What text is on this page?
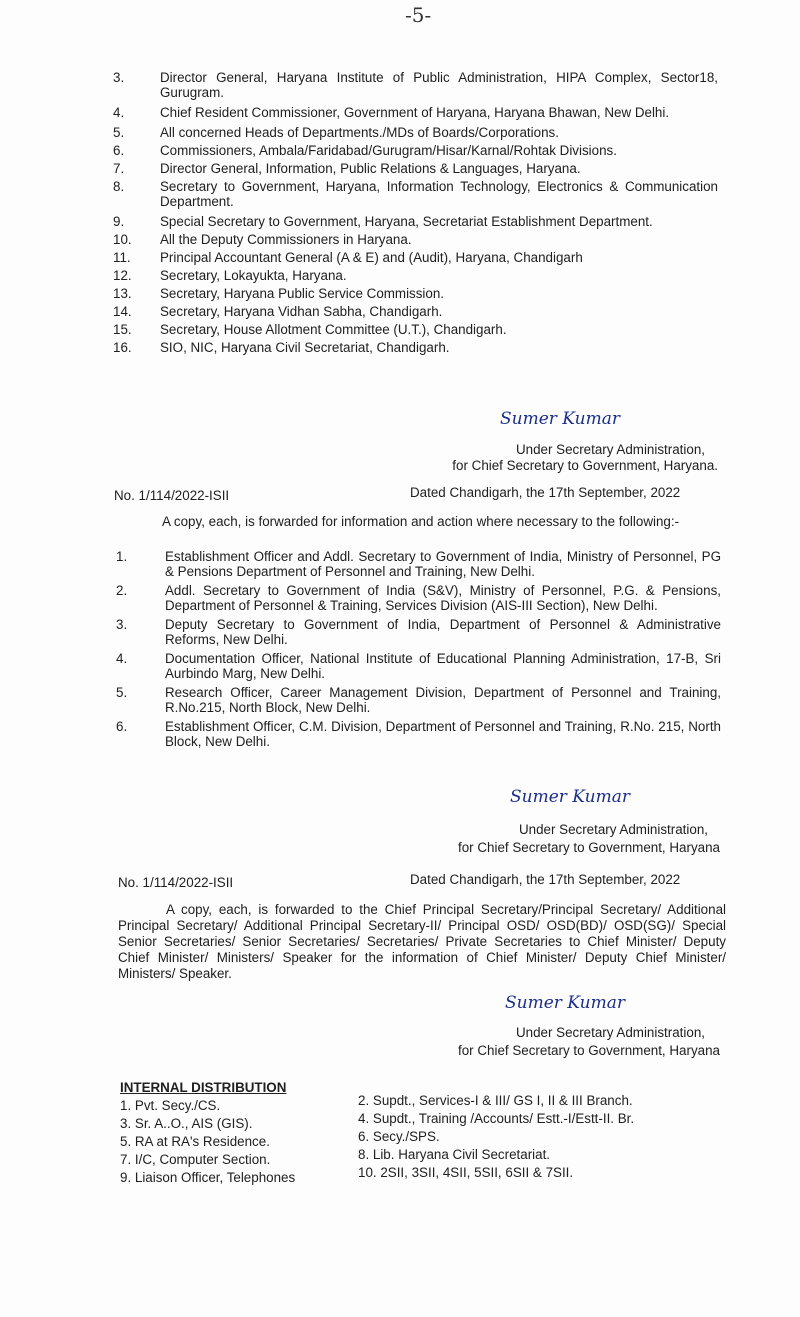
-5-
3.	Director General, Haryana Institute of Public Administration, HIPA Complex, Sector18, Gurugram.
4.	Chief Resident Commissioner, Government of Haryana, Haryana Bhawan, New Delhi.
5.	All concerned Heads of Departments./MDs of Boards/Corporations.
6.	Commissioners, Ambala/Faridabad/Gurugram/Hisar/Karnal/Rohtak Divisions.
7.	Director General, Information, Public Relations & Languages, Haryana.
8.	Secretary to Government, Haryana, Information Technology, Electronics & Communication Department.
9.	Special Secretary to Government, Haryana, Secretariat Establishment Department.
10.	All the Deputy Commissioners in Haryana.
11.	Principal Accountant General (A & E) and (Audit), Haryana, Chandigarh
12.	Secretary, Lokayukta, Haryana.
13.	Secretary, Haryana Public Service Commission.
14.	Secretary, Haryana Vidhan Sabha, Chandigarh.
15.	Secretary, House Allotment Committee (U.T.), Chandigarh.
16.	SIO, NIC, Haryana Civil Secretariat, Chandigarh.
Sumer Kumar
Under Secretary Administration,
for Chief Secretary to Government, Haryana.
No. 1/114/2022-ISII	Dated Chandigarh, the 17th September, 2022
A copy, each, is forwarded for information and action where necessary to the following:-
1.	Establishment Officer and Addl. Secretary to Government of India, Ministry of Personnel, PG & Pensions Department of Personnel and Training, New Delhi.
2.	Addl. Secretary to Government of India (S&V), Ministry of Personnel, P.G. & Pensions, Department of Personnel & Training, Services Division (AIS-III Section), New Delhi.
3.	Deputy Secretary to Government of India, Department of Personnel & Administrative Reforms, New Delhi.
4.	Documentation Officer, National Institute of Educational Planning Administration, 17-B, Sri Aurbindo Marg, New Delhi.
5.	Research Officer, Career Management Division, Department of Personnel and Training, R.No.215, North Block, New Delhi.
6.	Establishment Officer, C.M. Division, Department of Personnel and Training, R.No. 215, North Block, New Delhi.
Sumer Kumar
Under Secretary Administration,
for Chief Secretary to Government, Haryana
No. 1/114/2022-ISII	Dated Chandigarh, the 17th September, 2022
A copy, each, is forwarded to the Chief Principal Secretary/Principal Secretary/ Additional Principal Secretary/ Additional Principal Secretary-II/ Principal OSD/ OSD(BD)/ OSD(SG)/ Special Senior Secretaries/ Senior Secretaries/ Secretaries/ Private Secretaries to Chief Minister/ Deputy Chief Minister/ Ministers/ Speaker for the information of Chief Minister/ Deputy Chief Minister/ Ministers/ Speaker.
Sumer Kumar
Under Secretary Administration,
for Chief Secretary to Government, Haryana
INTERNAL DISTRIBUTION
1. Pvt. Secy./CS.
3. Sr. A..O., AIS (GIS).
5. RA at RA's Residence.
7. I/C, Computer Section.
9. Liaison Officer, Telephones
2. Supdt., Services-I & III/ GS I, II & III Branch.
4. Supdt., Training /Accounts/ Estt.-I/Estt-II. Br.
6. Secy./SPS.
8. Lib. Haryana Civil Secretariat.
10. 2SII, 3SII, 4SII, 5SII, 6SII & 7SII.
